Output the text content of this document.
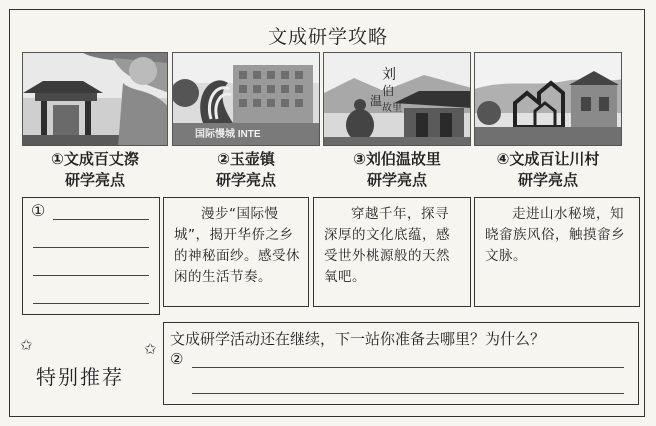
文成研学攻略
国际慢城 INTE
刘
伯
温
故里
①文成百丈漈
研学亮点
②玉壶镇
研学亮点
③刘伯温故里
研学亮点
④文成百让川村
研学亮点
①	漫步“国际慢城”，揭开华侨之乡的神秘面纱。感受休闲的生活节奏。
穿越千年，探寻深厚的文化底蕴，感受世外桃源般的天然氧吧。
走进山水秘境，知晓畲族风俗，触摸畲乡文脉。
✩	✩
特别推荐
文成研学活动还在继续，下一站你准备去哪里？为什么？
②
